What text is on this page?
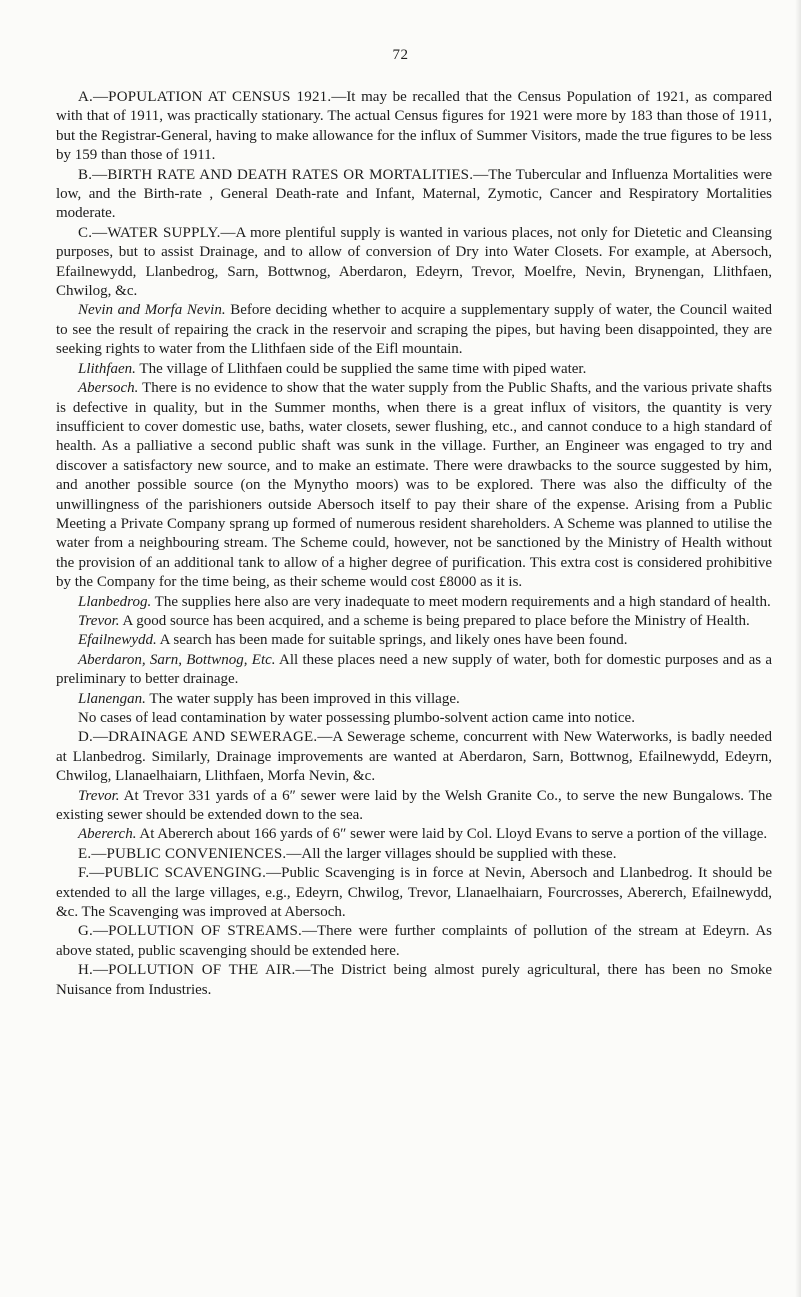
72

A.—POPULATION AT CENSUS 1921.—It may be recalled that the Census Population of 1921, as compared with that of 1911, was practically stationary. The actual Census figures for 1921 were more by 183 than those of 1911, but the Registrar-General, having to make allowance for the influx of Summer Visitors, made the true figures to be less by 159 than those of 1911.

B.—BIRTH RATE AND DEATH RATES OR MORTALITIES.—The Tubercular and Influenza Mortalities were low, and the Birth-rate , General Death-rate and Infant, Maternal, Zymotic, Cancer and Respiratory Mortalities moderate.

C.—WATER SUPPLY.—A more plentiful supply is wanted in various places, not only for Dietetic and Cleansing purposes, but to assist Drainage, and to allow of conversion of Dry into Water Closets. For example, at Abersoch, Efailnewydd, Llanbedrog, Sarn, Bottwnog, Aberdaron, Edeyrn, Trevor, Moelfre, Nevin, Brynengan, Llithfaen, Chwilog, &c.

Nevin and Morfa Nevin. Before deciding whether to acquire a supplementary supply of water, the Council waited to see the result of repairing the crack in the reservoir and scraping the pipes, but having been disappointed, they are seeking rights to water from the Llithfaen side of the Eifl mountain.

Llithfaen. The village of Llithfaen could be supplied the same time with piped water.

Abersoch. There is no evidence to show that the water supply from the Public Shafts, and the various private shafts is defective in quality, but in the Summer months, when there is a great influx of visitors, the quantity is very insufficient to cover domestic use, baths, water closets, sewer flushing, etc., and cannot conduce to a high standard of health. As a palliative a second public shaft was sunk in the village. Further, an Engineer was engaged to try and discover a satisfactory new source, and to make an estimate. There were drawbacks to the source suggested by him, and another possible source (on the Mynytho moors) was to be explored. There was also the difficulty of the unwillingness of the parishioners outside Abersoch itself to pay their share of the expense. Arising from a Public Meeting a Private Company sprang up formed of numerous resident shareholders. A Scheme was planned to utilise the water from a neighbouring stream. The Scheme could, however, not be sanctioned by the Ministry of Health without the provision of an additional tank to allow of a higher degree of purification. This extra cost is considered prohibitive by the Company for the time being, as their scheme would cost £8000 as it is.

Llanbedrog. The supplies here also are very inadequate to meet modern requirements and a high standard of health.

Trevor. A good source has been acquired, and a scheme is being prepared to place before the Ministry of Health.

Efailnewydd. A search has been made for suitable springs, and likely ones have been found.

Aberdaron, Sarn, Bottwnog, Etc. All these places need a new supply of water, both for domestic purposes and as a preliminary to better drainage.

Llanengan. The water supply has been improved in this village.

No cases of lead contamination by water possessing plumbo-solvent action came into notice.

D.—DRAINAGE AND SEWERAGE.—A Sewerage scheme, concurrent with New Waterworks, is badly needed at Llanbedrog. Similarly, Drainage improvements are wanted at Aberdaron, Sarn, Bottwnog, Efailnewydd, Edeyrn, Chwilog, Llanaelhaiarn, Llithfaen, Morfa Nevin, &c.

Trevor. At Trevor 331 yards of a 6″ sewer were laid by the Welsh Granite Co., to serve the new Bungalows. The existing sewer should be extended down to the sea.

Abererch. At Abererch about 166 yards of 6″ sewer were laid by Col. Lloyd Evans to serve a portion of the village.

E.—PUBLIC CONVENIENCES.—All the larger villages should be supplied with these.

F.—PUBLIC SCAVENGING.—Public Scavenging is in force at Nevin, Abersoch and Llanbedrog. It should be extended to all the large villages, e.g., Edeyrn, Chwilog, Trevor, Llanaelhaiarn, Fourcrosses, Abererch, Efailnewydd, &c. The Scavenging was improved at Abersoch.

G.—POLLUTION OF STREAMS.—There were further complaints of pollution of the stream at Edeyrn. As above stated, public scavenging should be extended here.

H.—POLLUTION OF THE AIR.—The District being almost purely agricultural, there has been no Smoke Nuisance from Industries.
